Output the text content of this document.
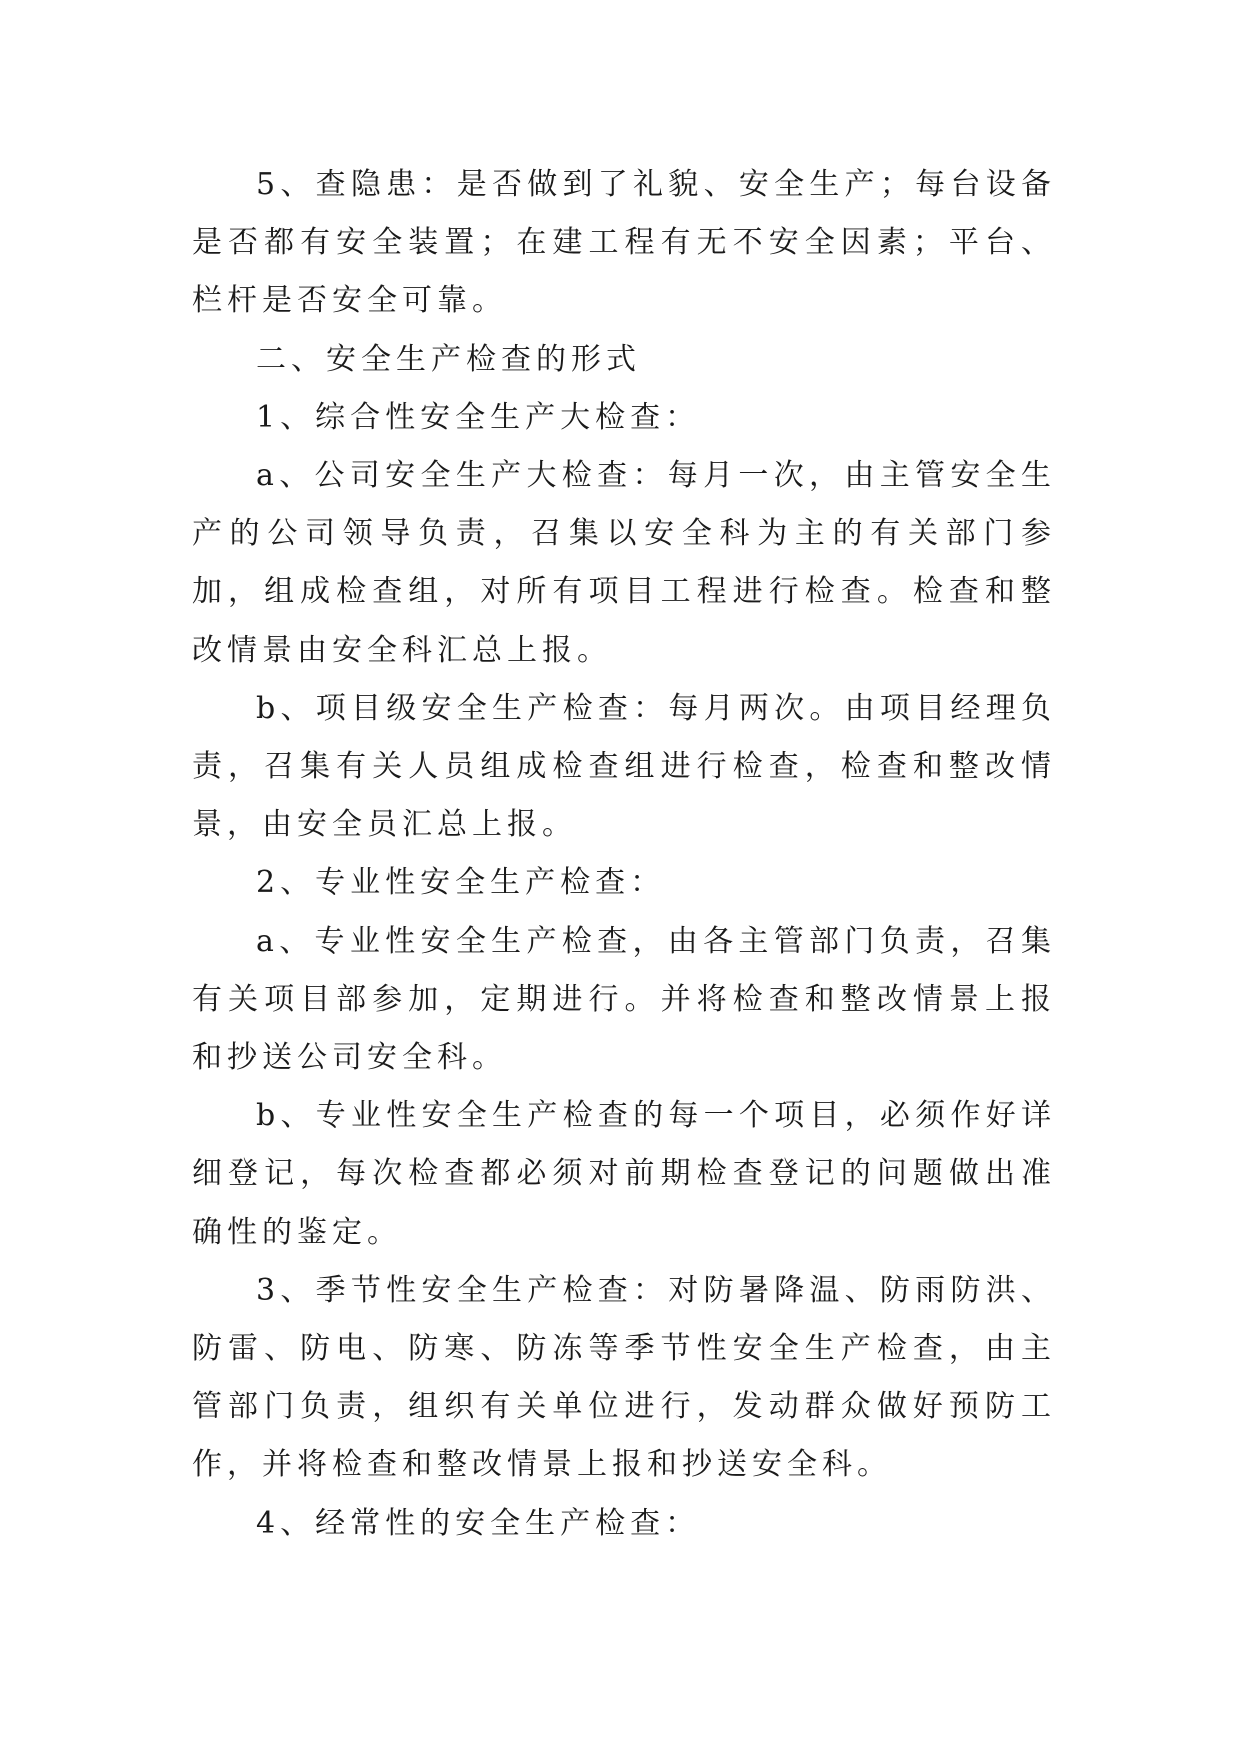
5、查隐患：是否做到了礼貌、安全生产；每台设备是否都有安全装置；在建工程有无不安全因素；平台、栏杆是否安全可靠。

二、安全生产检查的形式

1、综合性安全生产大检查：

a、公司安全生产大检查：每月一次，由主管安全生产的公司领导负责，召集以安全科为主的有关部门参加，组成检查组，对所有项目工程进行检查。检查和整改情景由安全科汇总上报。

b、项目级安全生产检查：每月两次。由项目经理负责，召集有关人员组成检查组进行检查，检查和整改情景，由安全员汇总上报。

2、专业性安全生产检查：

a、专业性安全生产检查，由各主管部门负责，召集有关项目部参加，定期进行。并将检查和整改情景上报和抄送公司安全科。

b、专业性安全生产检查的每一个项目，必须作好详细登记，每次检查都必须对前期检查登记的问题做出准确性的鉴定。

3、季节性安全生产检查：对防暑降温、防雨防洪、防雷、防电、防寒、防冻等季节性安全生产检查，由主管部门负责，组织有关单位进行，发动群众做好预防工作，并将检查和整改情景上报和抄送安全科。

4、经常性的安全生产检查：
